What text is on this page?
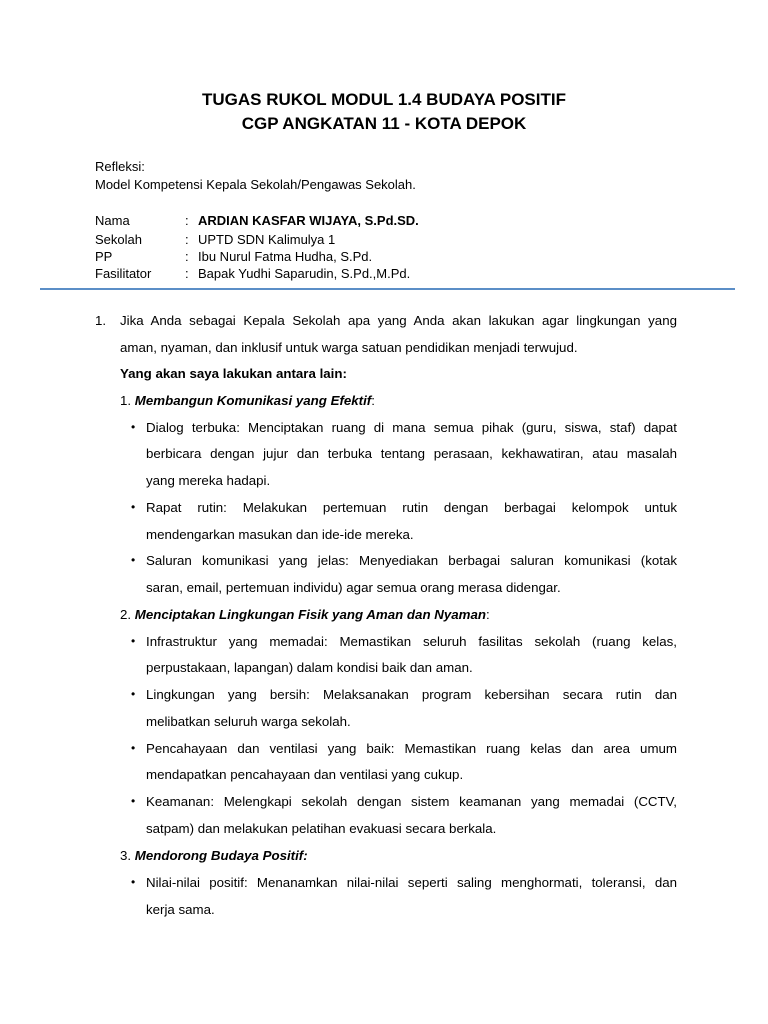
TUGAS RUKOL MODUL 1.4 BUDAYA POSITIF
CGP ANGKATAN 11 - KOTA DEPOK
Refleksi:
Model Kompetensi Kepala Sekolah/Pengawas Sekolah.
Nama	: ARDIAN KASFAR WIJAYA, S.Pd.SD.
Sekolah	: UPTD SDN Kalimulya 1
PP	: Ibu Nurul Fatma Hudha, S.Pd.
Fasilitator	: Bapak Yudhi Saparudin, S.Pd.,M.Pd.
1. Jika Anda sebagai Kepala Sekolah apa yang Anda akan lakukan agar lingkungan yang
aman, nyaman, dan inklusif untuk warga satuan pendidikan menjadi terwujud.
Yang akan saya lakukan antara lain:
1. Membangun Komunikasi yang Efektif:
• Dialog terbuka: Menciptakan ruang di mana semua pihak (guru, siswa, staf) dapat
berbicara dengan jujur dan terbuka tentang perasaan, kekhawatiran, atau masalah
yang mereka hadapi.
• Rapat rutin: Melakukan pertemuan rutin dengan berbagai kelompok untuk
mendengarkan masukan dan ide-ide mereka.
• Saluran komunikasi yang jelas: Menyediakan berbagai saluran komunikasi (kotak
saran, email, pertemuan individu) agar semua orang merasa didengar.
2. Menciptakan Lingkungan Fisik yang Aman dan Nyaman:
• Infrastruktur yang memadai: Memastikan seluruh fasilitas sekolah (ruang kelas,
perpustakaan, lapangan) dalam kondisi baik dan aman.
• Lingkungan yang bersih: Melaksanakan program kebersihan secara rutin dan
melibatkan seluruh warga sekolah.
• Pencahayaan dan ventilasi yang baik: Memastikan ruang kelas dan area umum
mendapatkan pencahayaan dan ventilasi yang cukup.
• Keamanan: Melengkapi sekolah dengan sistem keamanan yang memadai (CCTV,
satpam) dan melakukan pelatihan evakuasi secara berkala.
3. Mendorong Budaya Positif:
• Nilai-nilai positif: Menanamkan nilai-nilai seperti saling menghormati, toleransi, dan
kerja sama.
